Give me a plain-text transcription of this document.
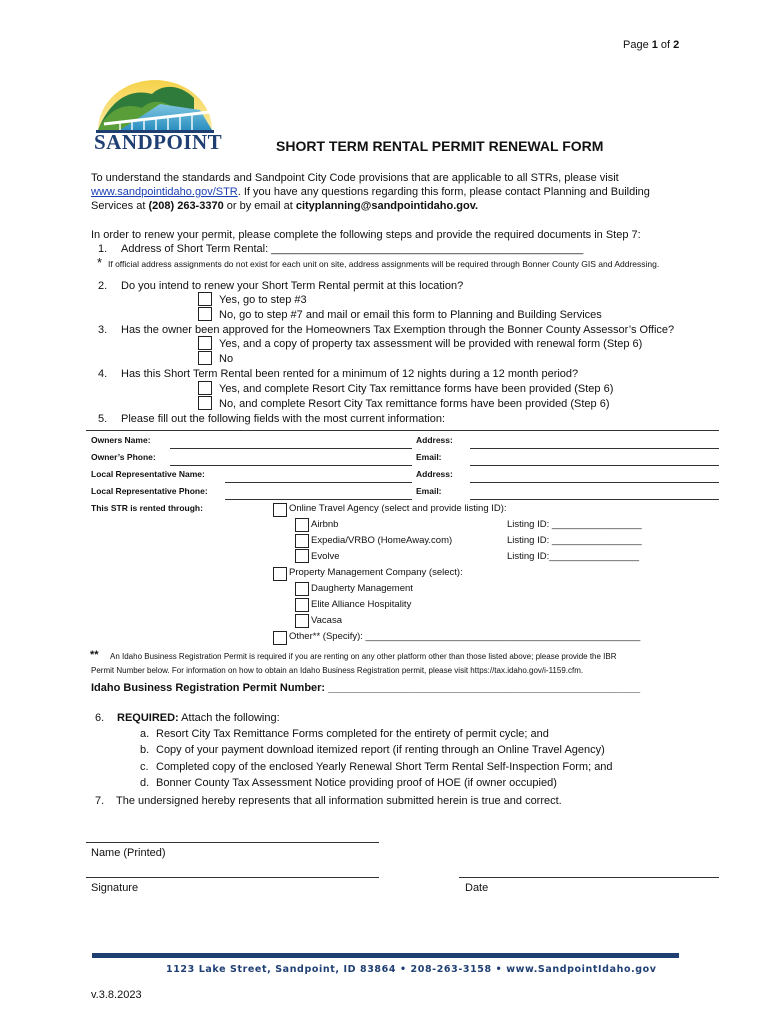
Page 1 of 2
SANDPOINT	SHORT TERM RENTAL PERMIT RENEWAL FORM
To understand the standards and Sandpoint City Code provisions that are applicable to all STRs, please visit
www.sandpointidaho.gov/STR. If you have any questions regarding this form, please contact Planning and Building
Services at (208) 263-3370 or by email at cityplanning@sandpointidaho.gov.
In order to renew your permit, please complete the following steps and provide the required documents in Step 7:
1. Address of Short Term Rental: ___________________________________________________
* If official address assignments do not exist for each unit on site, address assignments will be required through Bonner County GIS and Addressing.
2. Do you intend to renew your Short Term Rental permit at this location?
Yes, go to step #3
No, go to step #7 and mail or email this form to Planning and Building Services
3. Has the owner been approved for the Homeowners Tax Exemption through the Bonner County Assessor’s Office?
Yes, and a copy of property tax assessment will be provided with renewal form (Step 6)
No
4. Has this Short Term Rental been rented for a minimum of 12 nights during a 12 month period?
Yes, and complete Resort City Tax remittance forms have been provided (Step 6)
No, and complete Resort City Tax remittance forms have been provided (Step 6)
5. Please fill out the following fields with the most current information:
Owners Name:	Address:
Owner’s Phone:	Email:
Local Representative Name:	Address:
Local Representative Phone:	Email:
This STR is rented through:	Online Travel Agency (select and provide listing ID):
Airbnb	Listing ID: _________________
Expedia/VRBO (HomeAway.com)	Listing ID: _________________
Evolve	Listing ID:_________________
Property Management Company (select):
Daugherty Management
Elite Alliance Hospitality
Vacasa
Other** (Specify): ____________________________________________________
** An Idaho Business Registration Permit is required if you are renting on any other platform other than those listed above; please provide the IBR
Permit Number below. For information on how to obtain an Idaho Business Registration permit, please visit https://tax.idaho.gov/i-1159.cfm.
Idaho Business Registration Permit Number: ___________________________________________________
6. REQUIRED: Attach the following:
a. Resort City Tax Remittance Forms completed for the entirety of permit cycle; and
b. Copy of your payment download itemized report (if renting through an Online Travel Agency)
c. Completed copy of the enclosed Yearly Renewal Short Term Rental Self-Inspection Form; and
d. Bonner County Tax Assessment Notice providing proof of HOE (if owner occupied)
7. The undersigned hereby represents that all information submitted herein is true and correct.
Name (Printed)
Signature	Date
1123 Lake Street, Sandpoint, ID 83864 • 208-263-3158 • www.SandpointIdaho.gov
v.3.8.2023
